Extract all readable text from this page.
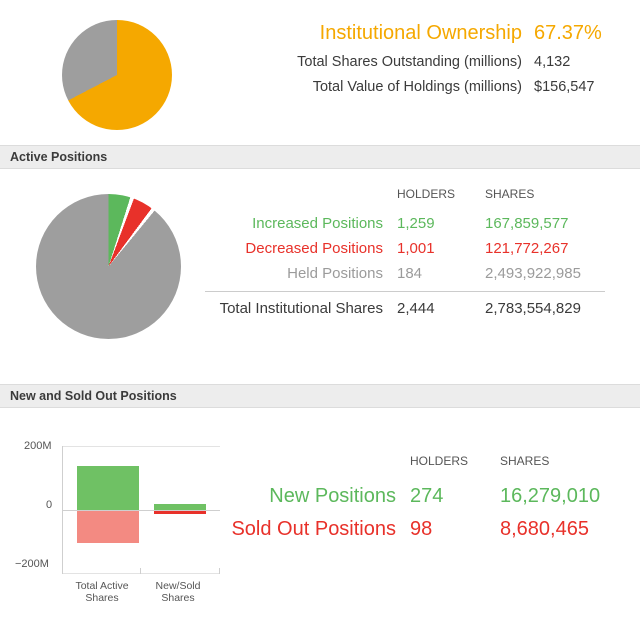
Institutional Ownership 67.37%
Total Shares Outstanding (millions) 4,132
Total Value of Holdings (millions) $156,547
Active Positions
HOLDERS	SHARES
Increased Positions 1,259	167,859,577
Decreased Positions 1,001	121,772,267
Held Positions 184	2,493,922,985
Total Institutional Shares 2,444	2,783,554,829
New and Sold Out Positions
200M
0
−200M
Total Active
Shares
New/Sold
Shares
HOLDERS	SHARES
New Positions 274	16,279,010
Sold Out Positions 98	8,680,465
